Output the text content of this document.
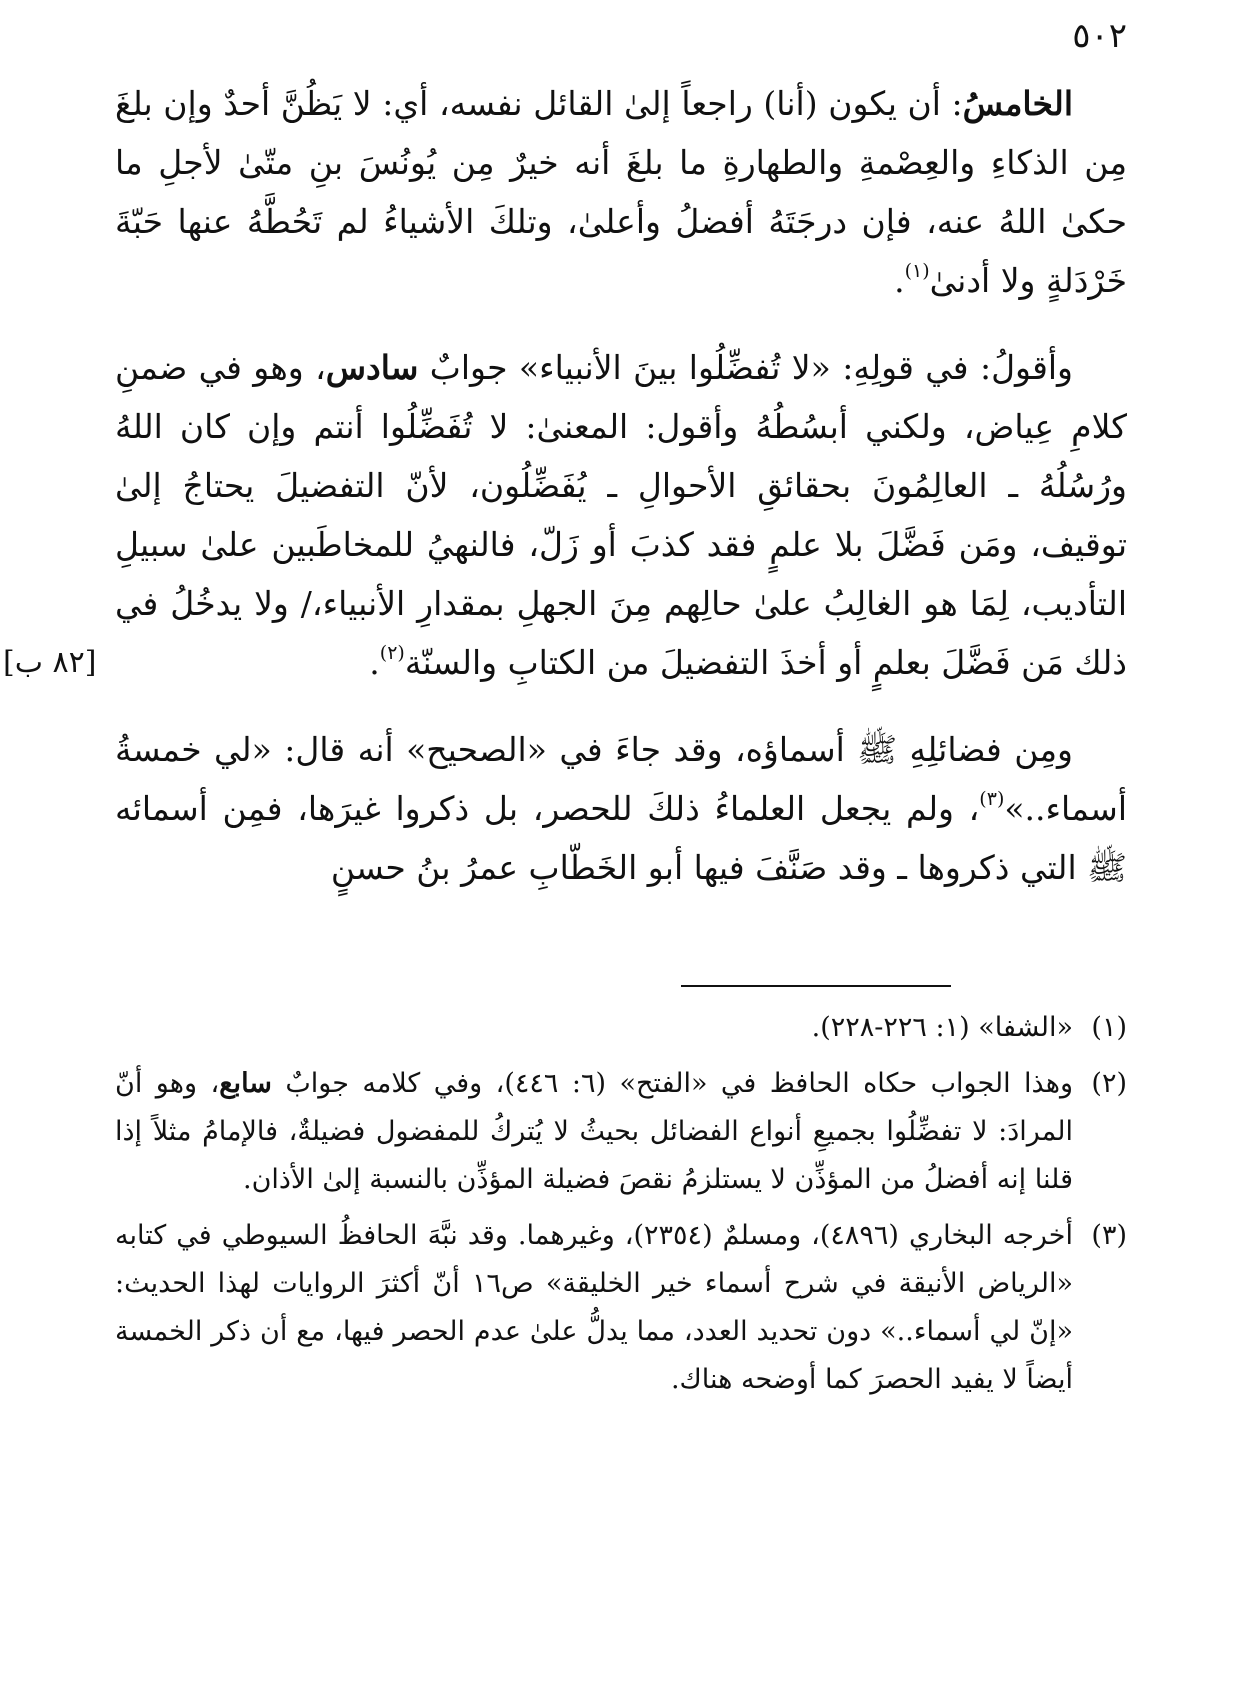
٥٠٢

الخامسُ: أن يكون (أنا) راجعاً إلىٰ القائل نفسه، أي: لا يَظُنَّ أحدٌ وإن بلغَ مِن الذكاءِ والعِصْمةِ والطهارةِ ما بلغَ أنه خيرٌ مِن يُونُسَ بنِ متّىٰ لأجلِ ما حكىٰ اللهُ عنه، فإن درجَتَهُ أفضلُ وأعلىٰ، وتلكَ الأشياءُ لم تَحُطَّهُ عنها حَبّةَ خَرْدَلةٍ ولا أدنىٰ$^{(١)}$.

وأقولُ: في قولِهِ: «لا تُفضِّلُوا بينَ الأنبياء» جوابٌ سادس، وهو في ضمنِ كلامِ عِياض، ولكني أبسُطُهُ وأقول: المعنىٰ: لا تُفَضِّلُوا أنتم وإن كان اللهُ ورُسُلُهُ ـ العالِمُونَ بحقائقِ الأحوالِ ـ يُفَضِّلُون، لأنّ التفضيلَ يحتاجُ إلىٰ توقيف، ومَن فَضَّلَ بلا علمٍ فقد كذبَ أو زَلّ، فالنهيُ للمخاطَبين علىٰ سبيلِ التأديب، لِمَا هو الغالِبُ علىٰ حالِهم مِنَ الجهلِ بمقدارِ الأنبياء،/ ولا يدخُلُ في ذلك مَن فَضَّلَ بعلمٍ أو أخذَ التفضيلَ من الكتابِ والسنّة$^{(٢)}$.
[٨٢ ب]

ومِن فضائلِهِ ﷺ أسماؤه، وقد جاءَ في «الصحيح» أنه قال: «لي خمسةُ أسماء..»$^{(٣)}$، ولم يجعل العلماءُ ذلكَ للحصر، بل ذكروا غيرَها، فمِن أسمائه ﷺ التي ذكروها ـ وقد صَنَّفَ فيها أبو الخَطّابِ عمرُ بنُ حسنٍ

(١)
«الشفا» (١: ٢٢٦-٢٢٨).
(٢)
وهذا الجواب حكاه الحافظ في «الفتح» (٦: ٤٤٦)، وفي كلامه جوابٌ سابع، وهو أنّ المرادَ: لا تفضِّلُوا بجميعِ أنواع الفضائل بحيثُ لا يُتركُ للمفضول فضيلةٌ، فالإمامُ مثلاً إذا قلنا إنه أفضلُ من المؤذِّن لا يستلزمُ نقصَ فضيلة المؤذِّن بالنسبة إلىٰ الأذان.
(٣)
أخرجه البخاري (٤٨٩٦)، ومسلمٌ (٢٣٥٤)، وغيرهما. وقد نبَّهَ الحافظُ السيوطي في كتابه «الرياض الأنيقة في شرح أسماء خير الخليقة» ص١٦ أنّ أكثرَ الروايات لهذا الحديث: «إنّ لي أسماء..» دون تحديد العدد، مما يدلُّ علىٰ عدم الحصر فيها، مع أن ذكر الخمسة أيضاً لا يفيد الحصرَ كما أوضحه هناك.
